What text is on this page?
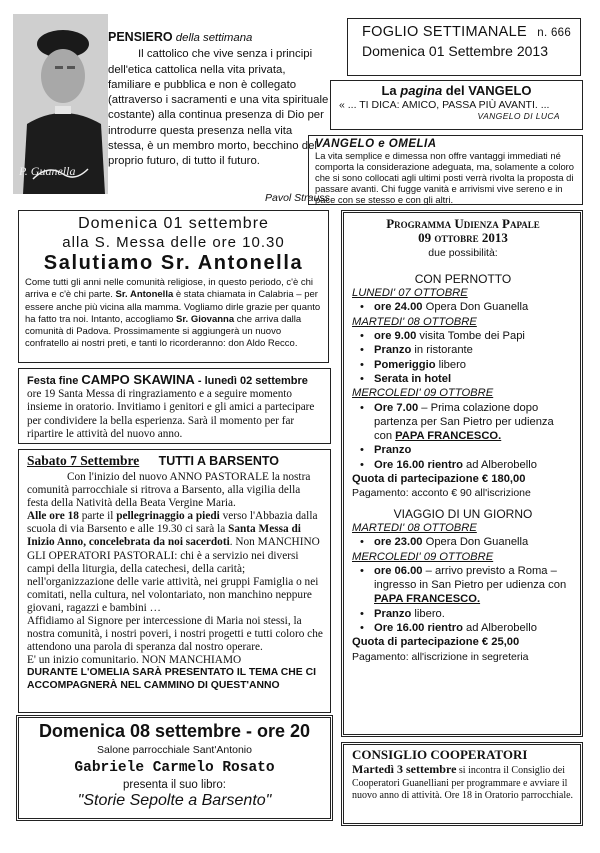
P. Guanella

PENSIERO della settimana

Il cattolico che vive senza i principi dell'etica cattolica nella vita privata, familiare e pubblica e non è collegato (attraverso i sacramenti e una vita spirituale costante) alla continua presenza di Dio per introdurre questa presenza nella vita stessa, è un membro morto, becchino del proprio futuro, di tutto il futuro.

Pavol Strauss
FOGLIO SETTIMANALE n. 666
Domenica 01 Settembre 2013
La pagina del VANGELO
« ... TI DICA: AMICO, PASSA PIÙ AVANTI. ...
VANGELO DI LUCA
VANGELO e OMELIA
La vita semplice e dimessa non offre vantaggi immediati né comporta la considerazione adeguata, ma, solamente a coloro che si sono collocati agli ultimi posti verrà rivolta la proposta di passare avanti. Chi fugge vanità e arrivismi vive sereno e in pace con se stesso e con gli altri.
Domenica 01 settembre
alla S. Messa delle ore 10.30
Salutiamo Sr. Antonella

Come tutti gli anni nelle comunità religiose, in questo periodo, c'è chi arriva e c'è chi parte. Sr. Antonella è stata chiamata in Calabria – per essere anche più vicina alla mamma. Vogliamo dirle grazie per quanto ha fatto tra noi. Intanto, accogliamo Sr. Giovanna che arriva dalla comunità di Padova. Prossimamente si aggiungerà un nuovo confratello ai nostri preti, e tanti lo ricorderanno: don Aldo Recco.

Festa fine CAMPO SKAWINA - lunedì 02 settembre

ore 19 Santa Messa di ringraziamento e a seguire momento insieme in oratorio. Invitiamo i genitori e gli amici a partecipare per condividere la bella esperienza. Sarà il momento per far ripartire le attività del nuovo anno.

Sabato 7 Settembre TUTTI A BARSENTO

Con l'inizio del nuovo ANNO PASTORALE la nostra comunità parrocchiale si ritrova a Barsento, alla vigilia della festa della Natività della Beata Vergine Maria.

Alle ore 18 parte il pellegrinaggio a piedi verso l'Abbazia dalla scuola di via Barsento e alle 19.30 ci sarà la Santa Messa di Inizio Anno, concelebrata da noi sacerdoti. Non MANCHINO GLI OPERATORI PASTORALI: chi è a servizio nei diversi campi della liturgia, della catechesi, della carità; nell'organizzazione delle varie attività, nei gruppi Famiglia o nei comitati, nella cultura, nel volontariato, non manchino neppure giovani, ragazzi e bambini …

Affidiamo al Signore per intercessione di Maria noi stessi, la nostra comunità, i nostri poveri, i nostri progetti e tutti coloro che attendono una parola di speranza dal nostro operare.

E' un inizio comunitario. NON MANCHIAMO

DURANTE L'OMELIA SARÀ PRESENTATO IL TEMA CHE CI ACCOMPAGNERÀ NEL CAMMINO DI QUEST'ANNO

Domenica 08 settembre - ore 20
Salone parrocchiale Sant'Antonio
Gabriele Carmelo Rosato
presenta il suo libro:
"Storie Sepolte a Barsento"
Programma Udienza Papale
09 ottobre 2013
due possibilità:
CON PERNOTTO
LUNEDI' 07 OTTOBRE
• ore 24.00 Opera Don Guanella
MARTEDI' 08 OTTOBRE
• ore 9.00 visita Tombe dei Papi
• Pranzo in ristorante
• Pomeriggio libero
• Serata in hotel
MERCOLEDI' 09 OTTOBRE
• Ore 7.00 – Prima colazione dopo partenza per San Pietro per udienza con PAPA FRANCESCO.
• Pranzo
• Ore 16.00 rientro ad Alberobello
Quota di partecipazione € 180,00
Pagamento: acconto € 90 all'iscrizione
VIAGGIO DI UN GIORNO
MARTEDI' 08 OTTOBRE
• ore 23.00 Opera Don Guanella
MERCOLEDI' 09 OTTOBRE
• ore 06.00 – arrivo previsto a Roma –ingresso in San Pietro per udienza con PAPA FRANCESCO.
• Pranzo libero.
• Ore 16.00 rientro ad Alberobello
Quota di partecipazione € 25,00
Pagamento: all'iscrizione in segreteria
CONSIGLIO COOPERATORI

Martedì 3 settembre si incontra il Consiglio dei Cooperatori Guanelliani per programmare e avviare il nuovo anno di attività. Ore 18 in Oratorio parrocchiale.
